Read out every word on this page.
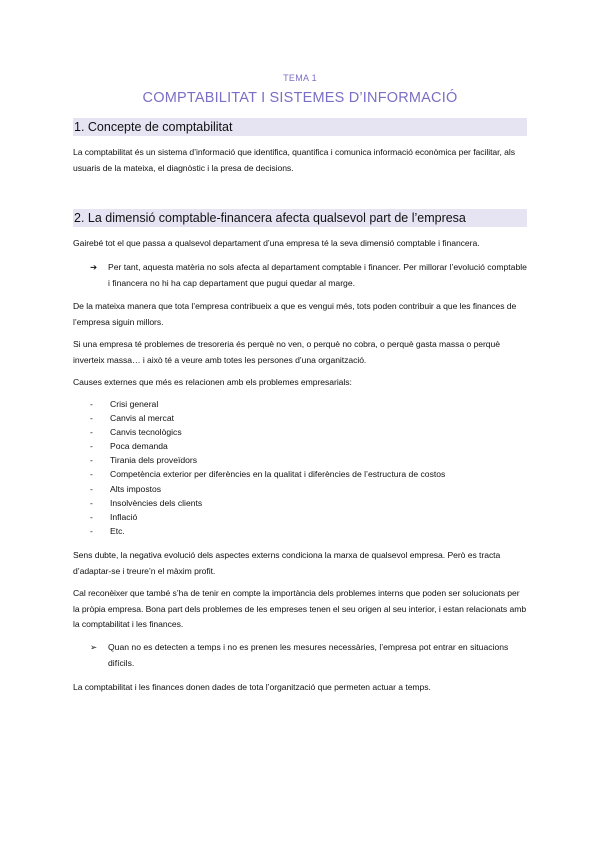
TEMA 1
COMPTABILITAT I SISTEMES D’INFORMACIÓ
1. Concepte de comptabilitat
La comptabilitat és un sistema d’informació que identifica, quantifica i comunica informació econòmica per facilitar, als usuaris de la mateixa, el diagnòstic i la presa de decisions.
2. La dimensió comptable-financera afecta qualsevol part de l’empresa
Gairebé tot el que passa a qualsevol departament d’una empresa té la seva dimensió comptable i financera.
➔	Per tant, aquesta matèria no sols afecta al departament comptable i financer. Per millorar l’evolució comptable i financera no hi ha cap departament que pugui quedar al marge.
De la mateixa manera que tota l’empresa contribueix a que es vengui més, tots poden contribuir a que les finances de l’empresa siguin millors.
Si una empresa té problemes de tresoreria és perquè no ven, o perquè no cobra, o perquè gasta massa o perquè inverteix massa… i això té a veure amb totes les persones d’una organització.
Causes externes que més es relacionen amb els problemes empresarials:
- Crisi general
- Canvis al mercat
- Canvis tecnològics
- Poca demanda
- Tirania dels proveïdors
- Competència exterior per diferències en la qualitat i diferències de l’estructura de costos
- Alts impostos
- Insolvències dels clients
- Inflació
- Etc.
Sens dubte, la negativa evolució dels aspectes externs condiciona la marxa de qualsevol empresa. Però es tracta d’adaptar-se i treure’n el màxim profit.
Cal reconèixer que també s’ha de tenir en compte la importància dels problemes interns que poden ser solucionats per la pròpia empresa. Bona part dels problemes de les empreses tenen el seu origen al seu interior, i estan relacionats amb la comptabilitat i les finances.
➢	Quan no es detecten a temps i no es prenen les mesures necessàries, l’empresa pot entrar en situacions difícils.
La comptabilitat i les finances donen dades de tota l’organització que permeten actuar a temps.
